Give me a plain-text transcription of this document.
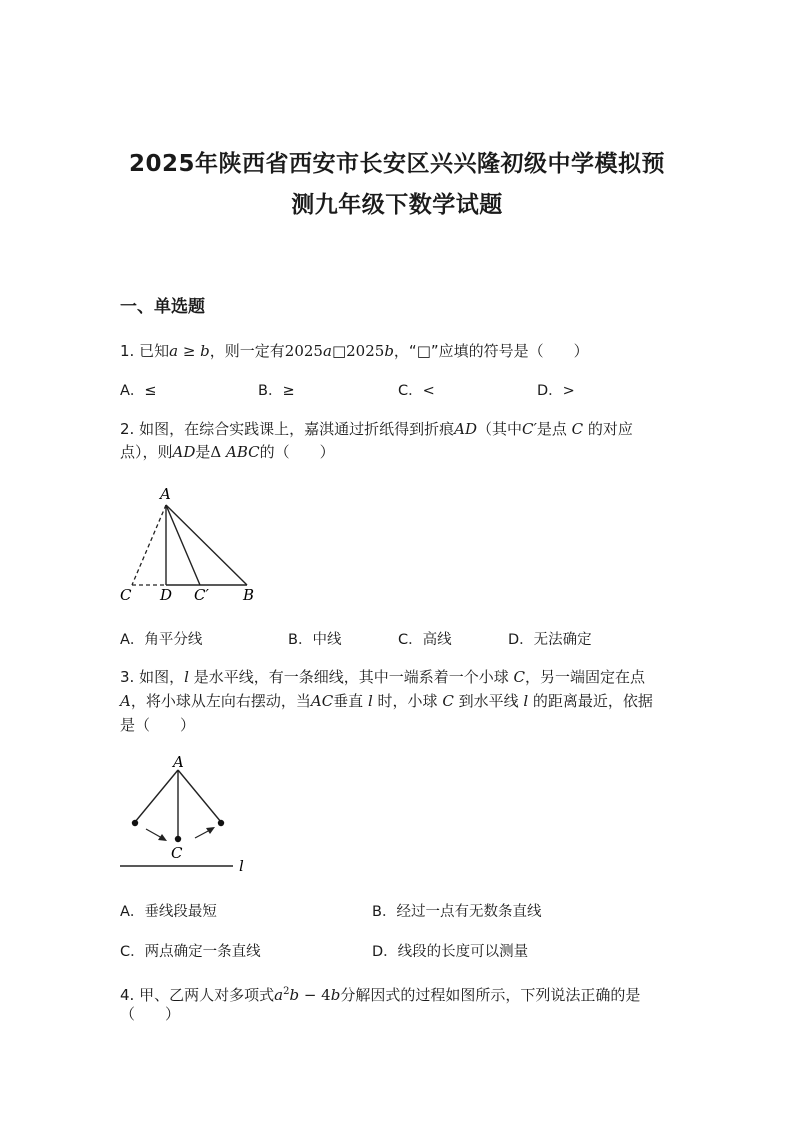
2025年陕西省西安市长安区兴兴隆初级中学模拟预
测九年级下数学试题
一、单选题
1. 已知a ≥ b，则一定有2025a□2025b，“□”应填的符号是（　　）
A．≤	B．≥	C．<	D．>
2. 如图，在综合实践课上，嘉淇通过折纸得到折痕AD（其中C′是点 C 的对应
点），则AD是Δ ABC的（　　）
A
C D C′ B
A．角平分线	B．中线	C．高线	D．无法确定
3. 如图，l 是水平线，有一条细线，其中一端系着一个小球 C，另一端固定在点
A，将小球从左向右摆动，当AC垂直 l 时，小球 C 到水平线 l 的距离最近，依据
是（　　）
A
C
l
A．垂线段最短	B．经过一点有无数条直线
C．两点确定一条直线	D．线段的长度可以测量
4. 甲、乙两人对多项式$a^2b - 4b$分解因式的过程如图所示，下列说法正确的是
（　　）
